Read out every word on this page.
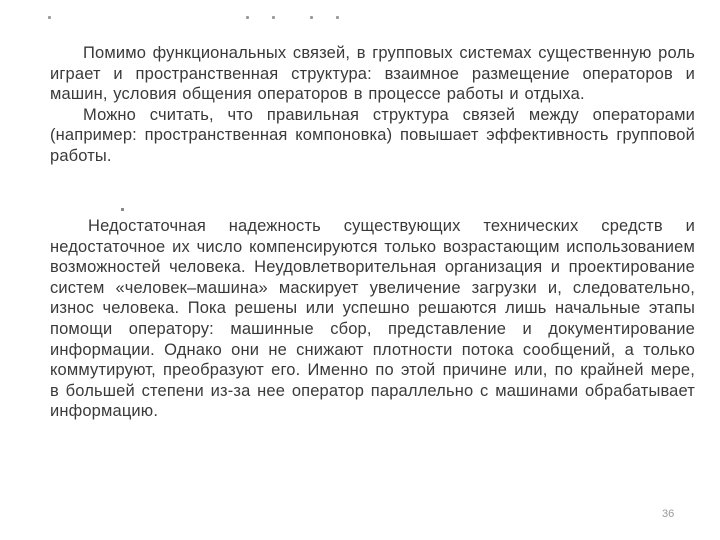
Помимо функциональных связей, в групповых системах существенную роль играет и пространственная структура: взаимное размещение операторов и машин, условия общения операторов в процессе работы и отдыха.

Можно считать, что правильная структура связей между операторами (например: пространственная компоновка) повышает эффективность групповой работы.

Недостаточная надежность существующих технических средств и недостаточное их число компенсируются только возрастающим использованием возможностей человека. Неудовлетворительная организация и проектирование систем «человек–машина» маскирует увеличение загрузки и, следовательно, износ человека. Пока решены или успешно решаются лишь начальные этапы помощи оператору: машинные сбор, представление и документирование информации. Однако они не снижают плотности потока сообщений, а только коммутируют, преобразуют его. Именно по этой причине или, по крайней мере, в большей степени из-за нее оператор параллельно с машинами обрабатывает информацию.

36
